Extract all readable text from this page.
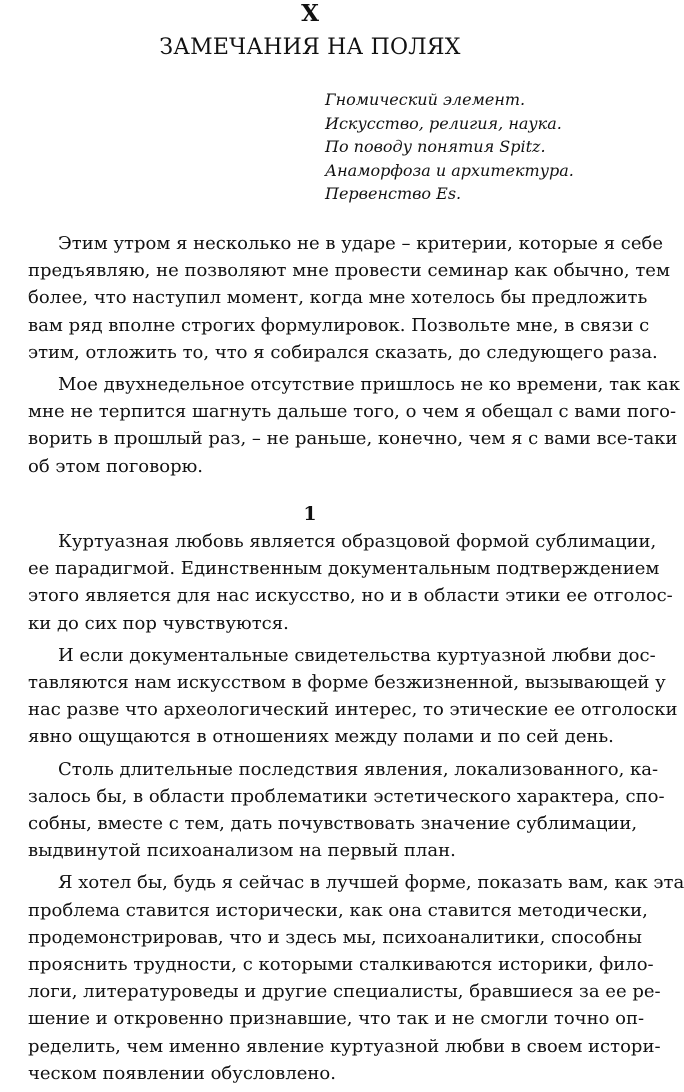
X
ЗАМЕЧАНИЯ НА ПОЛЯХ
Гномический элемент.
Искусство, религия, наука.
По поводу понятия Spitz.
Анаморфоза и архитектура.
Первенство Es.

Этим утром я несколько не в ударе – критерии, которые я себе
предъявляю, не позволяют мне провести семинар как обычно, тем
более, что наступил момент, когда мне хотелось бы предложить
вам ряд вполне строгих формулировок. Позвольте мне, в связи с
этим, отложить то, что я собирался сказать, до следующего раза.

Мое двухнедельное отсутствие пришлось не ко времени, так как
мне не терпится шагнуть дальше того, о чем я обещал с вами пого-
ворить в прошлый раз, – не раньше, конечно, чем я с вами все-таки
об этом поговорю.

1

Куртуазная любовь является образцовой формой сублимации,
ее парадигмой. Единственным документальным подтверждением
этого является для нас искусство, но и в области этики ее отголос-
ки до сих пор чувствуются.

И если документальные свидетельства куртуазной любви дос-
тавляются нам искусством в форме безжизненной, вызывающей у
нас разве что археологический интерес, то этические ее отголоски
явно ощущаются в отношениях между полами и по сей день.

Столь длительные последствия явления, локализованного, ка-
залось бы, в области проблематики эстетического характера, спо-
собны, вместе с тем, дать почувствовать значение сублимации,
выдвинутой психоанализом на первый план.

Я хотел бы, будь я сейчас в лучшей форме, показать вам, как эта
проблема ставится исторически, как она ставится методически,
продемонстрировав, что и здесь мы, психоаналитики, способны
прояснить трудности, с которыми сталкиваются историки, фило-
логи, литературоведы и другие специалисты, бравшиеся за ее ре-
шение и откровенно признавшие, что так и не смогли точно оп-
ределить, чем именно явление куртуазной любви в своем истори-
ческом появлении обусловлено.
